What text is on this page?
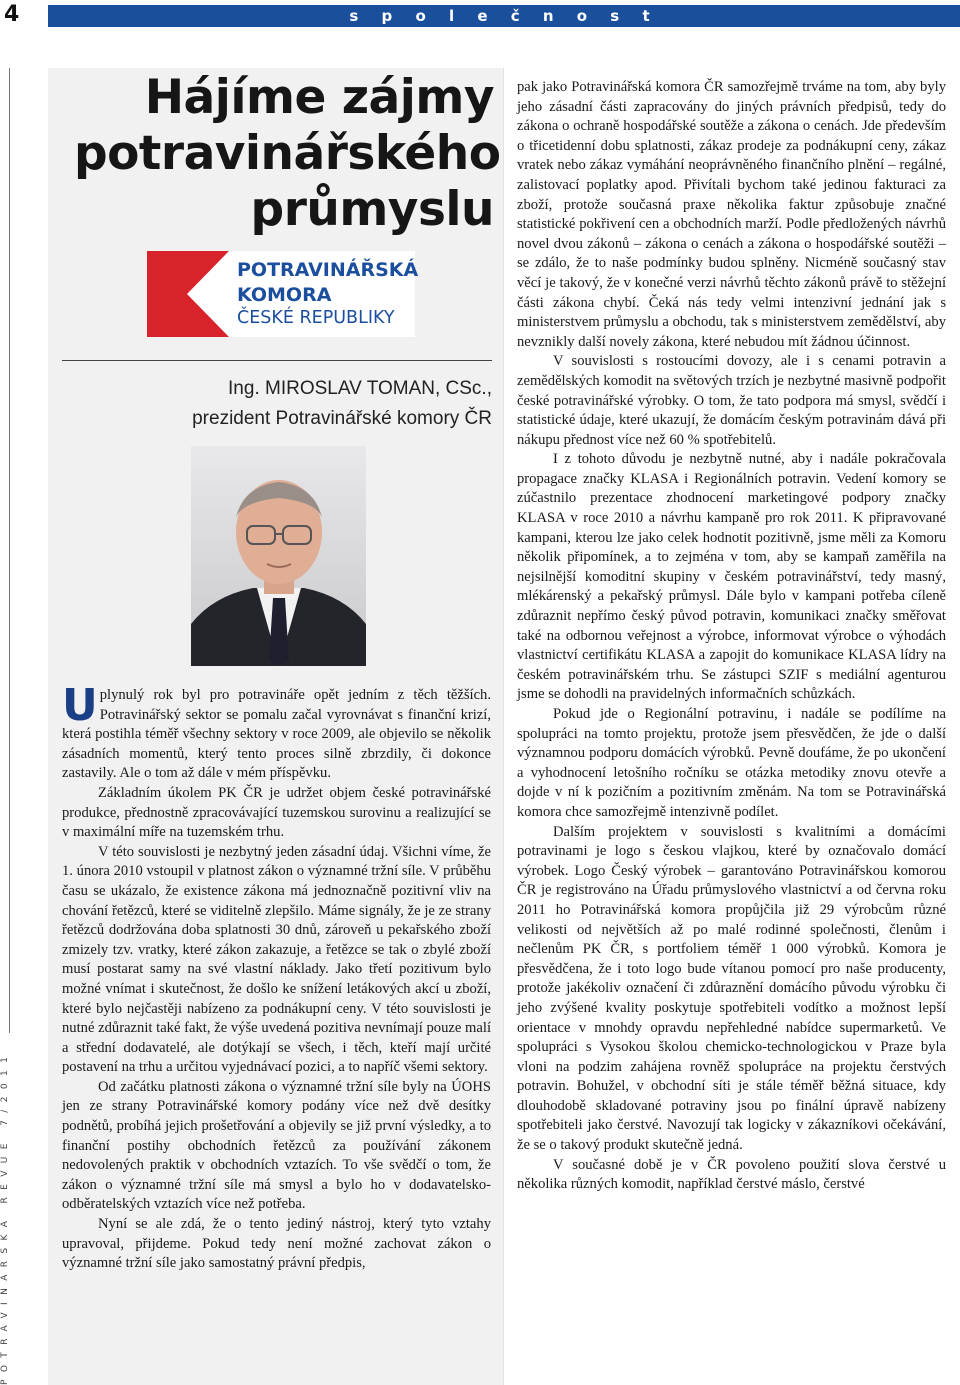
4	s p o l e č n o s t
POTRAVINÁŘSKÁ REVUE 7/2011
Hájíme zájmy
potravinářského
průmyslu
POTRAVINÁŘSKÁ
KOMORA
ČESKÉ REPUBLIKY
Ing. MIROSLAV TOMAN, CSc.,
prezident Potravinářské komory ČR

Uplynulý rok byl pro potravináře opět jedním z těch těžších. Potravinářský sektor se pomalu začal vyrovnávat s finanční krizí, která postihla téměř všechny sektory v roce 2009, ale objevilo se několik zásadních momentů, který tento proces silně zbrzdily, či dokonce zastavily. Ale o tom až dále v mém příspěvku.

Základním úkolem PK ČR je udržet objem české potravinářské produkce, přednostně zpracovávající tuzemskou surovinu a realizující se v maximální míře na tuzemském trhu.

V této souvislosti je nezbytný jeden zásadní údaj. Všichni víme, že 1. února 2010 vstoupil v platnost zákon o významné tržní síle. V průběhu času se ukázalo, že existence zákona má jednoznačně pozitivní vliv na chování řetězců, které se viditelně zlepšilo. Máme signály, že je ze strany řetězců dodržována doba splatnosti 30 dnů, zároveň u pekařského zboží zmizely tzv. vratky, které zákon zakazuje, a řetězce se tak o zbylé zboží musí postarat samy na své vlastní náklady. Jako třetí pozitivum bylo možné vnímat i skutečnost, že došlo ke snížení letákových akcí u zboží, které bylo nejčastěji nabízeno za podnákupní ceny. V této souvislosti je nutné zdůraznit také fakt, že výše uvedená pozitiva nevnímají pouze malí a střední dodavatelé, ale dotýkají se všech, i těch, kteří mají určité postavení na trhu a určitou vyjednávací pozici, a to napříč všemi sektory.

Od začátku platnosti zákona o významné tržní síle byly na ÚOHS jen ze strany Potravinářské komory podány více než dvě desítky podnětů, probíhá jejich prošetřování a objevily se již první výsledky, a to finanční postihy obchodních řetězců za používání zákonem nedovolených praktik v obchodních vztazích. To vše svědčí o tom, že zákon o významné tržní síle má smysl a bylo ho v dodavatelsko-odběratelských vztazích více než potřeba.

Nyní se ale zdá, že o tento jediný nástroj, který tyto vztahy upravoval, přijdeme. Pokud tedy není možné zachovat zákon o významné tržní síle jako samostatný právní předpis,

pak jako Potravinářská komora ČR samozřejmě trváme na tom, aby byly jeho zásadní části zapracovány do jiných právních předpisů, tedy do zákona o ochraně hospodářské soutěže a zákona o cenách. Jde především o třicetidenní dobu splatnosti, zákaz prodeje za podnákupní ceny, zákaz vratek nebo zákaz vymáhání neoprávněného finančního plnění – regálné, zalistovací poplatky apod. Přivítali bychom také jedinou fakturaci za zboží, protože současná praxe několika faktur způsobuje značné statistické pokřivení cen a obchodních marží. Podle předložených návrhů novel dvou zákonů – zákona o cenách a zákona o hospodářské soutěži – se zdálo, že to naše podmínky budou splněny. Nicméně současný stav věcí je takový, že v konečné verzi návrhů těchto zákonů právě to stěžejní části zákona chybí. Čeká nás tedy velmi intenzivní jednání jak s ministerstvem průmyslu a obchodu, tak s ministerstvem zemědělství, aby nevznikly další novely zákona, které nebudou mít žádnou účinnost.

V souvislosti s rostoucími dovozy, ale i s cenami potravin a zemědělských komodit na světových trzích je nezbytné masivně podpořit české potravinářské výrobky. O tom, že tato podpora má smysl, svědčí i statistické údaje, které ukazují, že domácím českým potravinám dává při nákupu přednost více než 60 % spotřebitelů.

I z tohoto důvodu je nezbytně nutné, aby i nadále pokračovala propagace značky KLASA i Regionálních potravin. Vedení komory se zúčastnilo prezentace zhodnocení marketingové podpory značky KLASA v roce 2010 a návrhu kampaně pro rok 2011. K připravované kampani, kterou lze jako celek hodnotit pozitivně, jsme měli za Komoru několik připomínek, a to zejména v tom, aby se kampaň zaměřila na nejsilnější komoditní skupiny v českém potravinářství, tedy masný, mlékárenský a pekařský průmysl. Dále bylo v kampani potřeba cíleně zdůraznit nepřímo český původ potravin, komunikaci značky směřovat také na odbornou veřejnost a výrobce, informovat výrobce o výhodách vlastnictví certifikátu KLASA a zapojit do komunikace KLASA lídry na českém potravinářském trhu. Se zástupci SZIF s mediální agenturou jsme se dohodli na pravidelných informačních schůzkách.

Pokud jde o Regionální potravinu, i nadále se podílíme na spolupráci na tomto projektu, protože jsem přesvědčen, že jde o další významnou podporu domácích výrobků. Pevně doufáme, že po ukončení a vyhodnocení letošního ročníku se otázka metodiky znovu otevře a dojde v ní k pozičním a pozitivním změnám. Na tom se Potravinářská komora chce samozřejmě intenzivně podílet.

Dalším projektem v souvislosti s kvalitními a domácími potravinami je logo s českou vlajkou, které by označovalo domácí výrobek. Logo Český výrobek – garantováno Potravinářskou komorou ČR je registrováno na Úřadu průmyslového vlastnictví a od června roku 2011 ho Potravinářská komora propůjčila již 29 výrobcům různé velikosti od největších až po malé rodinné společnosti, členům i nečlenům PK ČR, s portfoliem téměř 1 000 výrobků. Komora je přesvědčena, že i toto logo bude vítanou pomocí pro naše producenty, protože jakékoliv označení či zdůraznění domácího původu výrobku či jeho zvýšené kvality poskytuje spotřebiteli vodítko a možnost lepší orientace v mnohdy opravdu nepřehledné nabídce supermarketů. Ve spolupráci s Vysokou školou chemicko-technologickou v Praze byla vloni na podzim zahájena rovněž spolupráce na projektu čerstvých potravin. Bohužel, v obchodní síti je stále téměř běžná situace, kdy dlouhodobě skladované potraviny jsou po finální úpravě nabízeny spotřebiteli jako čerstvé. Navozují tak logicky v zákazníkovi očekávání, že se o takový produkt skutečně jedná.

V současné době je v ČR povoleno použití slova čerstvé u několika různých komodit, například čerstvé máslo, čerstvé
